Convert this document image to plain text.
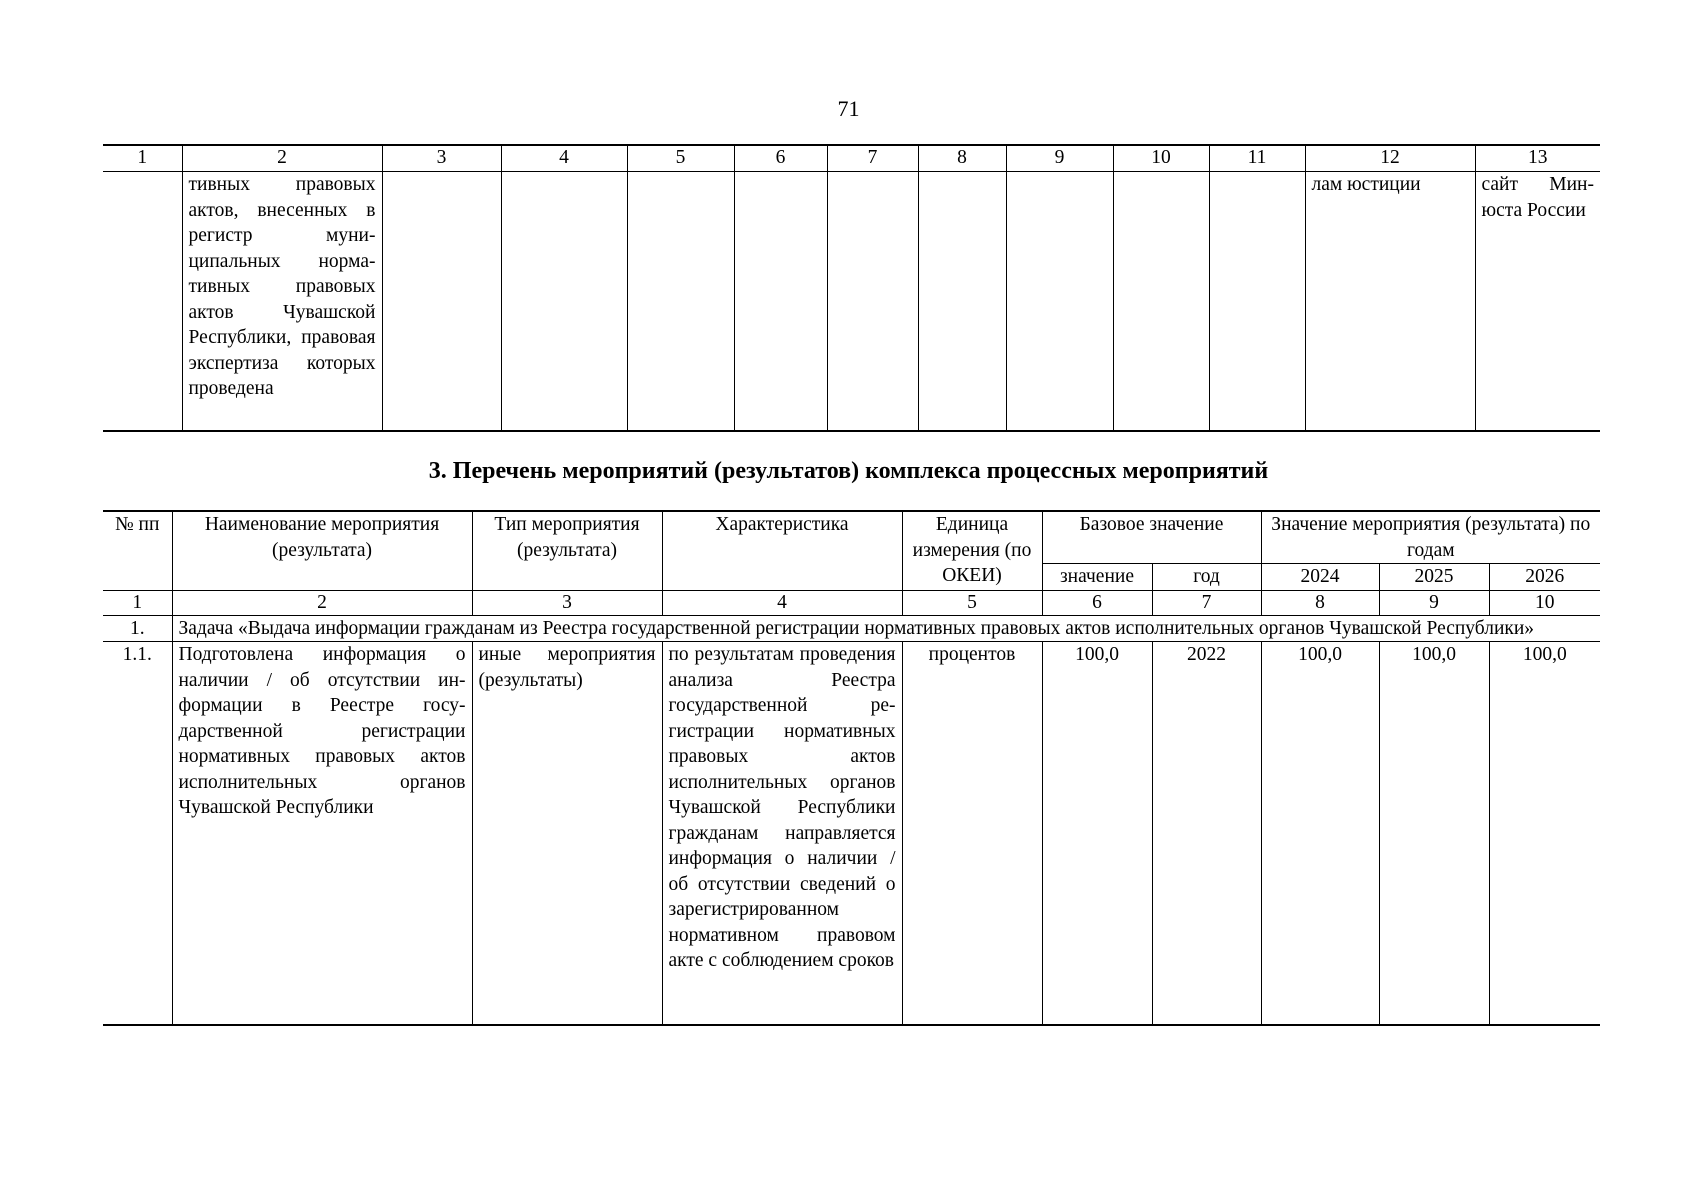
71
1	2	3	4	5	6	7	8	9	10	11	12	13
	тивных правовых актов, внесенных в регистр муниципальных нормативных правовых актов Чувашской Республики, правовая экспертиза которых проведена										лам юстиции	сайт Минюста России
3. Перечень мероприятий (результатов) комплекса процессных мероприятий
№ пп	Наименование мероприятия (результата)	Тип мероприятия (результата)	Характеристика	Единица измерения (по ОКЕИ)	Базовое значение		Значение мероприятия (результата) по годам		
					значение	год	2024	2025	2026
1	2	3	4	5	6	7	8	9	10
1.	Задача «Выдача информации гражданам из Реестра государственной регистрации нормативных правовых актов исполнительных органов Чувашской Республики»								
1.1.	Подготовлена информация о наличии / об отсутствии информации в Реестре государственной регистрации нормативных правовых актов исполнительных органов Чувашской Республики	иные мероприятия (результаты)	по результатам проведения анализа Реестра государственной регистрации нормативных правовых актов исполнительных органов Чувашской Республики гражданам направляется информация о наличии / об отсутствии сведений о зарегистрированном нормативном правовом акте с соблюдением сроков	процентов	100,0	2022	100,0	100,0	100,0
